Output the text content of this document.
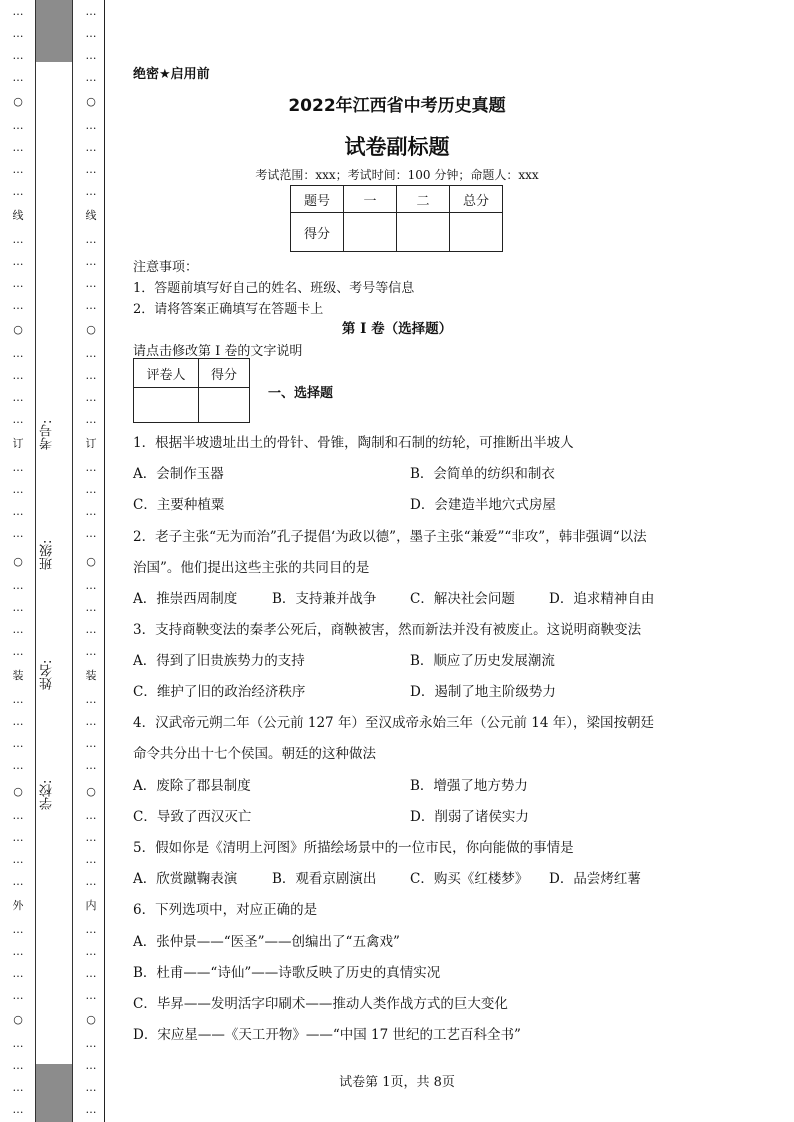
…
…
…
…
○
…
…
…
…
线
…
…
…
…
○
…
…
…
…
订
…
…
…
…
○
…
…
…
…
装
…
…
…
…
○
…
…
…
…
外
…
…
…
…
○
…
…
…
…
考号:
班级:
姓名:
学校:
…
…
…
…
○
…
…
…
…
线
…
…
…
…
○
…
…
…
…
订
…
…
…
…
○
…
…
…
…
装
…
…
…
…
○
…
…
…
…
内
…
…
…
…
○
…
…
…
…
绝密★启用前
2022年江西省中考历史真题
试卷副标题
考试范围：xxx；考试时间：100 分钟；命题人：xxx
题号	一	二	总分
得分			
注意事项：
1．答题前填写好自己的姓名、班级、考号等信息
2．请将答案正确填写在答题卡上
第 I 卷（选择题）
请点击修改第 I 卷的文字说明
评卷人	得分

一、选择题
1．根据半坡遗址出土的骨针、骨锥，陶制和石制的纺轮，可推断出半坡人
A．会制作玉器	B．会简单的纺织和制衣
C．主要种植粟	D．会建造半地穴式房屋
2．老子主张“无为而治”孔子提倡‘为政以德”，墨子主张“兼爱”“非攻”，韩非强调“以法
治国”。他们提出这些主张的共同目的是
A．推崇西周制度	B．支持兼并战争 C．解决社会问题	D．追求精神自由
3．支持商鞅变法的秦孝公死后，商鞅被害，然而新法并没有被废止。这说明商鞅变法
A．得到了旧贵族势力的支持	B．顺应了历史发展潮流
C．维护了旧的政治经济秩序	D．遏制了地主阶级势力
4．汉武帝元朔二年（公元前 127 年）至汉成帝永始三年（公元前 14 年），梁国按朝廷
命令共分出十七个侯国。朝廷的这种做法
A．废除了郡县制度	B．增强了地方势力
C．导致了西汉灭亡	D．削弱了诸侯实力
5．假如你是《清明上河图》所描绘场景中的一位市民，你向能做的事情是
A．欣赏蹴鞠表演	B．观看京剧演出 C．购买《红楼梦》 D．品尝烤红薯
6．下列选项中，对应正确的是
A．张仲景——“医圣”——创编出了“五禽戏”
B．杜甫——“诗仙”——诗歌反映了历史的真情实况
C．毕昇——发明活字印刷术——推动人类作战方式的巨大变化
D．宋应星——《天工开物》——“中国 17 世纪的工艺百科全书”
试卷第 1页，共 8页
